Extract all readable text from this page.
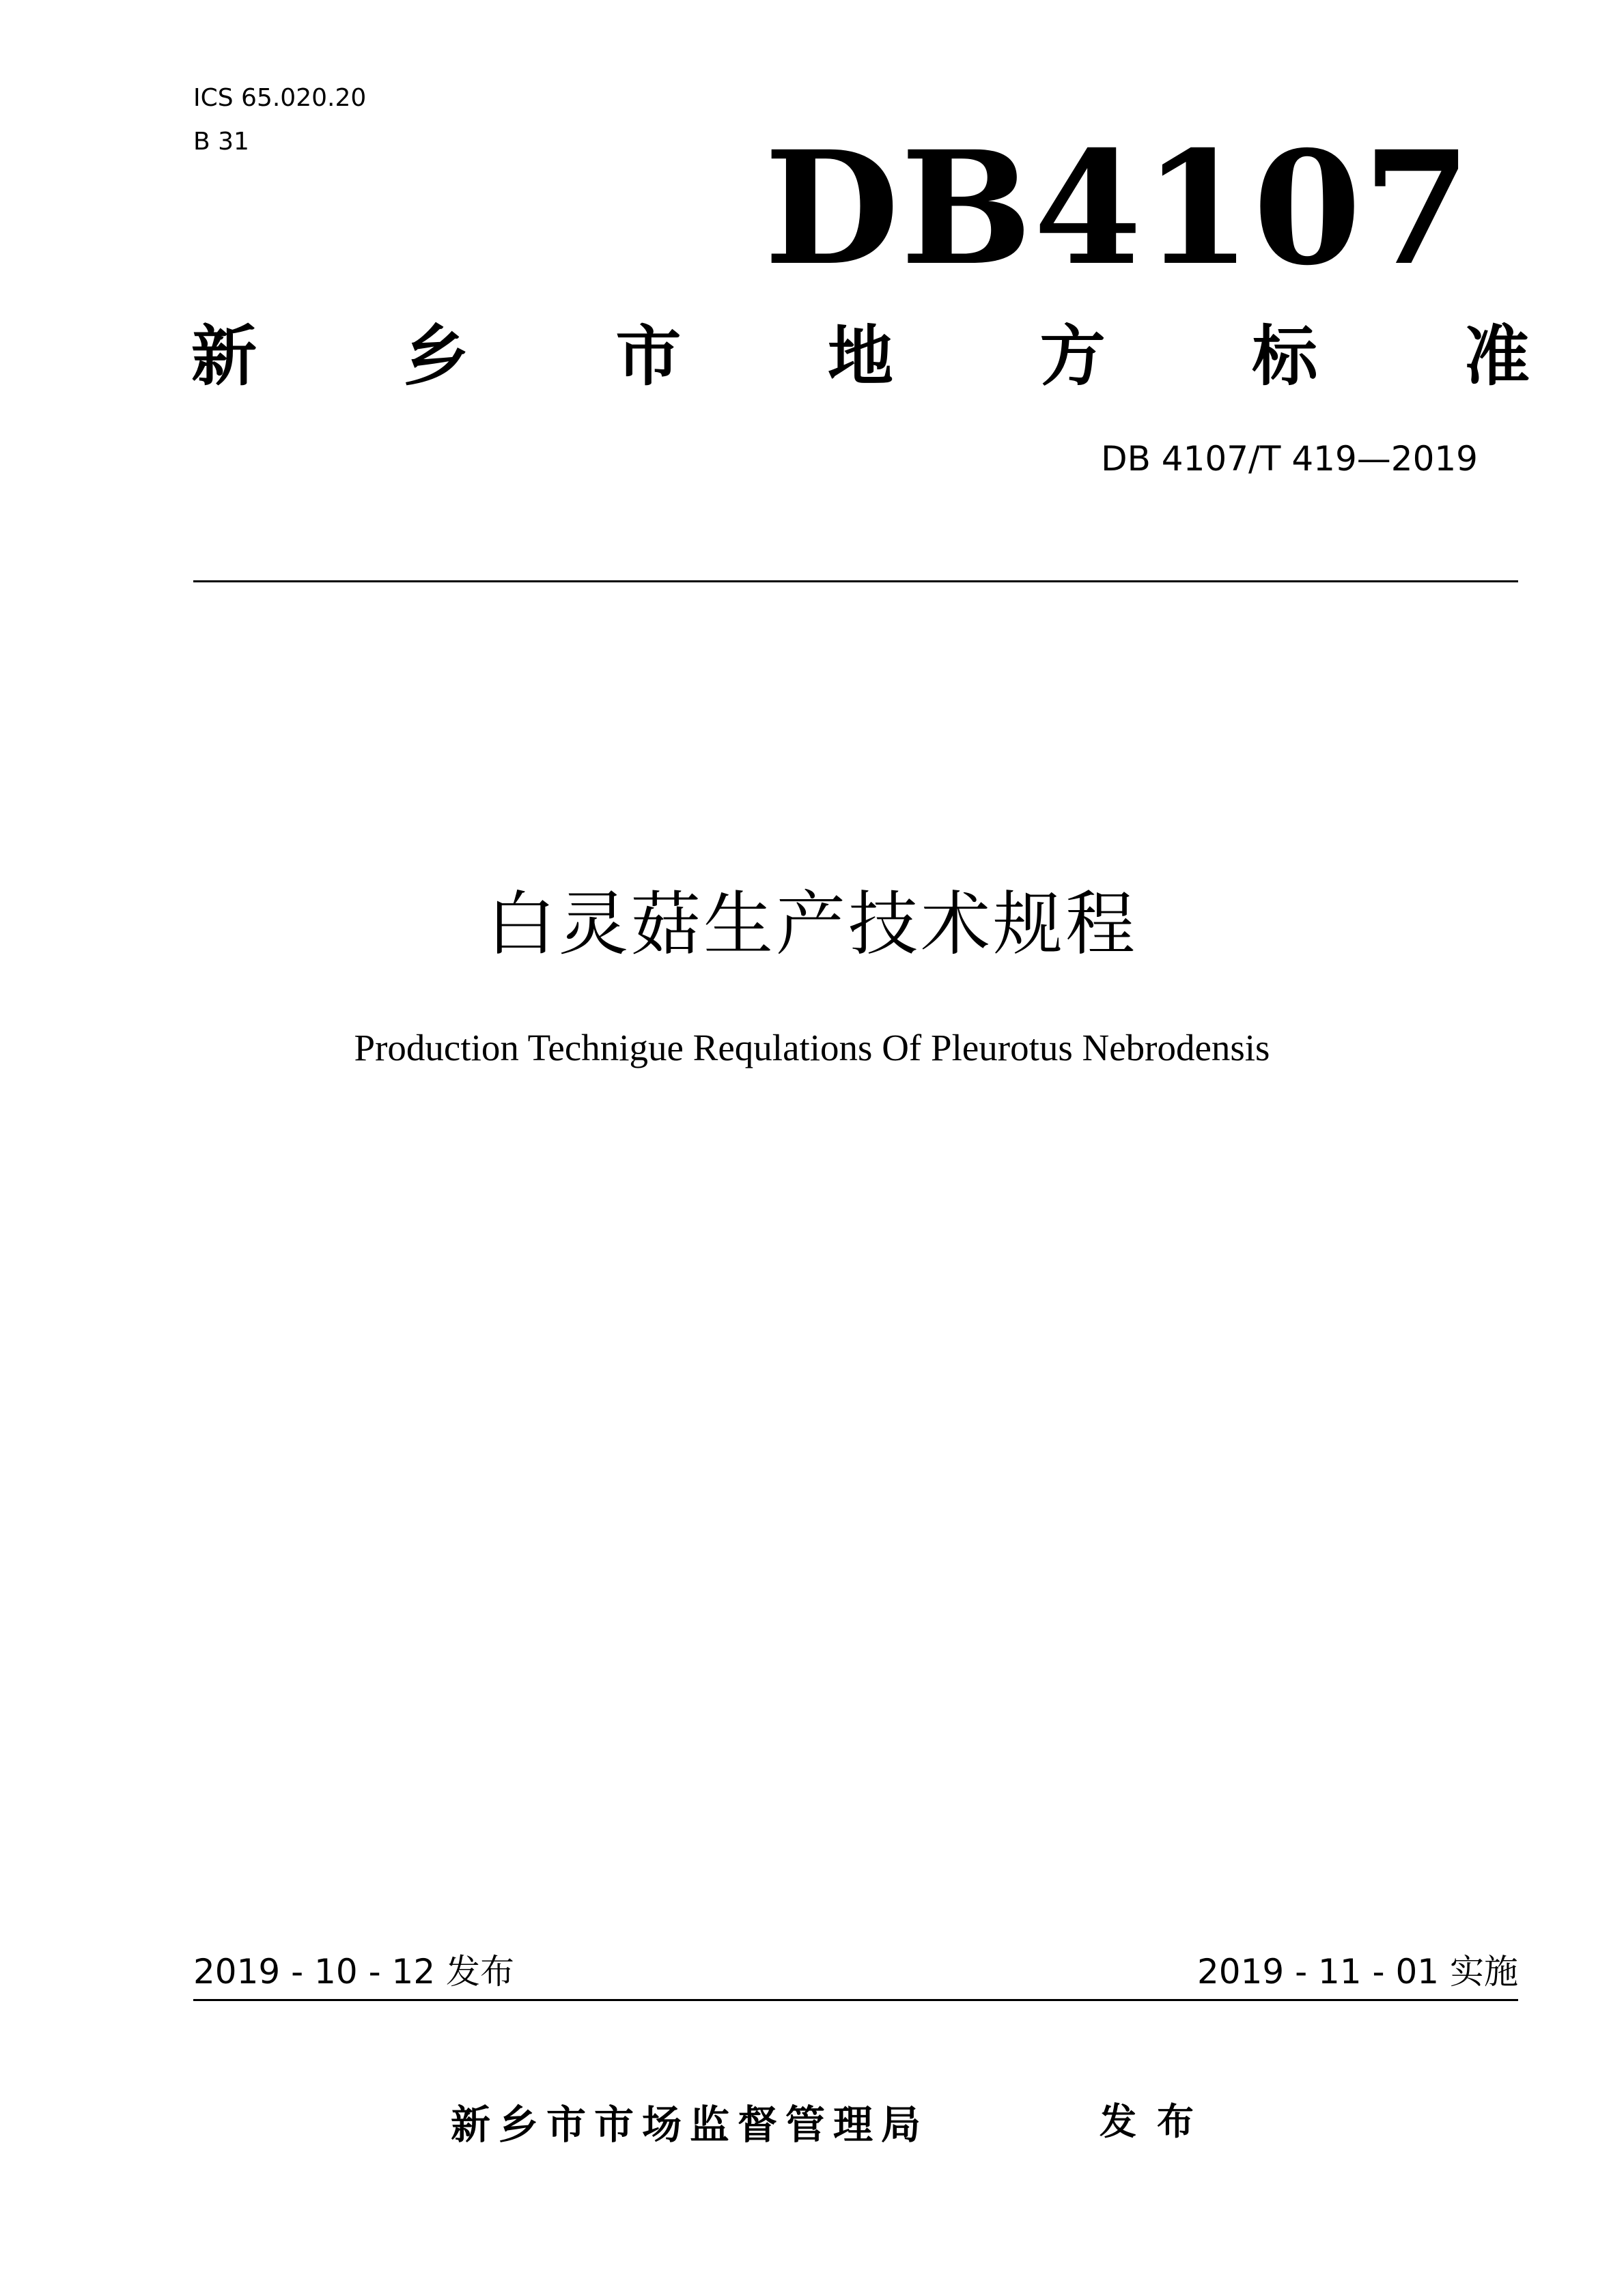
ICS 65.020.20
B 31	DB4107
新 乡 市 地 方 标 准
DB 4107/T 419—2019
白灵菇生产技术规程
Production Technigue Requlations Of Pleurotus Nebrodensis
2019 - 10 - 12 发布	2019 - 11 - 01 实施
新乡市市场监督管理局	发布
